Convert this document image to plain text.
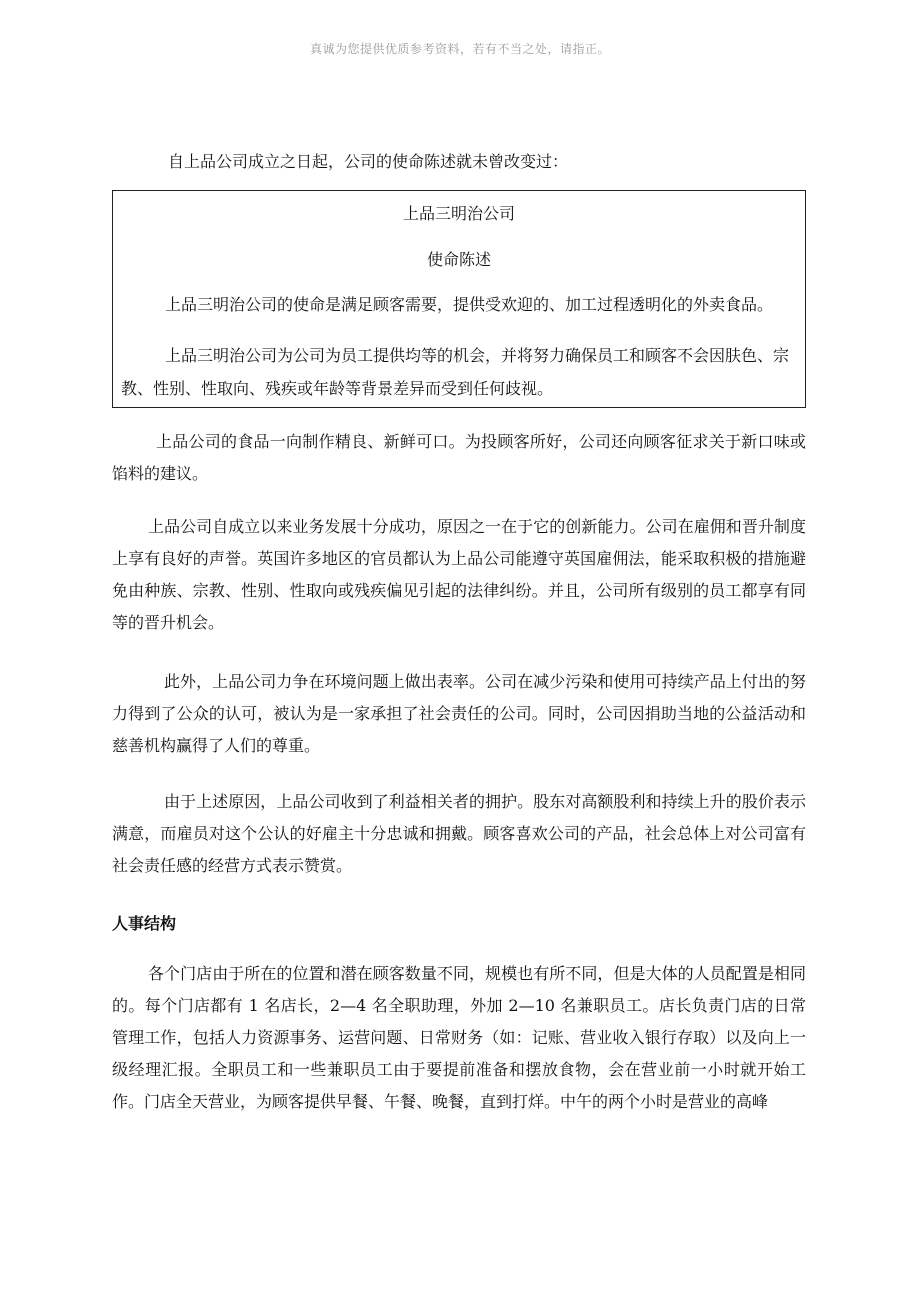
真诚为您提供优质参考资料，若有不当之处，请指正。

自上品公司成立之日起，公司的使命陈述就未曾改变过：

上品三明治公司

使命陈述

上品三明治公司的使命是满足顾客需要，提供受欢迎的、加工过程透明化的外卖食品。

上品三明治公司为公司为员工提供均等的机会，并将努力确保员工和顾客不会因肤色、宗教、性别、性取向、残疾或年龄等背景差异而受到任何歧视。

上品公司的食品一向制作精良、新鲜可口。为投顾客所好，公司还向顾客征求关于新口味或馅料的建议。

上品公司自成立以来业务发展十分成功，原因之一在于它的创新能力。公司在雇佣和晋升制度上享有良好的声誉。英国许多地区的官员都认为上品公司能遵守英国雇佣法，能采取积极的措施避免由种族、宗教、性别、性取向或残疾偏见引起的法律纠纷。并且，公司所有级别的员工都享有同等的晋升机会。

此外，上品公司力争在环境问题上做出表率。公司在减少污染和使用可持续产品上付出的努力得到了公众的认可，被认为是一家承担了社会责任的公司。同时，公司因捐助当地的公益活动和慈善机构赢得了人们的尊重。

由于上述原因，上品公司收到了利益相关者的拥护。股东对高额股利和持续上升的股价表示满意，而雇员对这个公认的好雇主十分忠诚和拥戴。顾客喜欢公司的产品，社会总体上对公司富有社会责任感的经营方式表示赞赏。

人事结构

各个门店由于所在的位置和潜在顾客数量不同，规模也有所不同，但是大体的人员配置是相同的。每个门店都有 1 名店长，2—4 名全职助理，外加 2—10 名兼职员工。店长负责门店的日常管理工作，包括人力资源事务、运营问题、日常财务（如：记账、营业收入银行存取）以及向上一级经理汇报。全职员工和一些兼职员工由于要提前准备和摆放食物，会在营业前一小时就开始工作。门店全天营业，为顾客提供早餐、午餐、晚餐，直到打烊。中午的两个小时是营业的高峰
